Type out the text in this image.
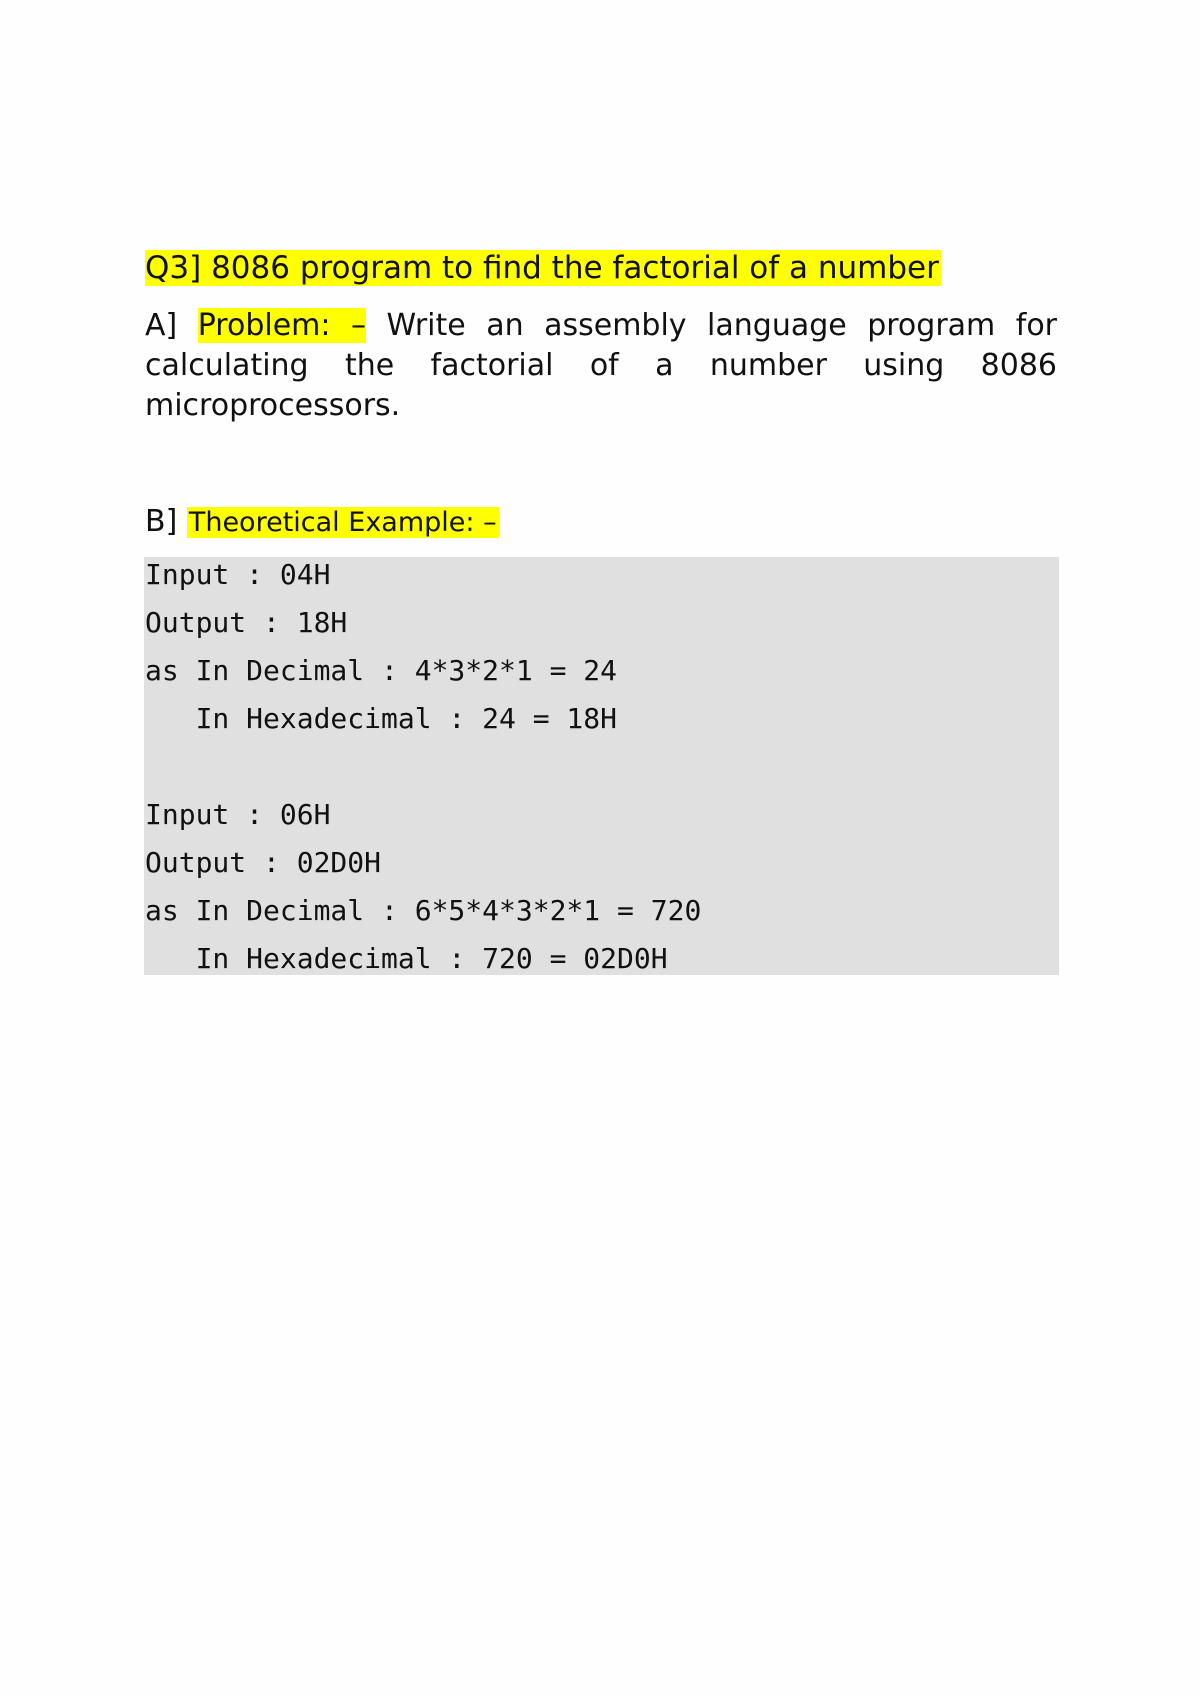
Q3] 8086 program to find the factorial of a number

A] Problem: – Write an assembly language program for
calculating the factorial of a number using 8086
microprocessors.

B] Theoretical Example: –

Input : 04H
Output : 18H
as In Decimal : 4*3*2*1 = 24
In Hexadecimal : 24 = 18H
Input : 06H
Output : 02D0H
as In Decimal : 6*5*4*3*2*1 = 720
In Hexadecimal : 720 = 02D0H
